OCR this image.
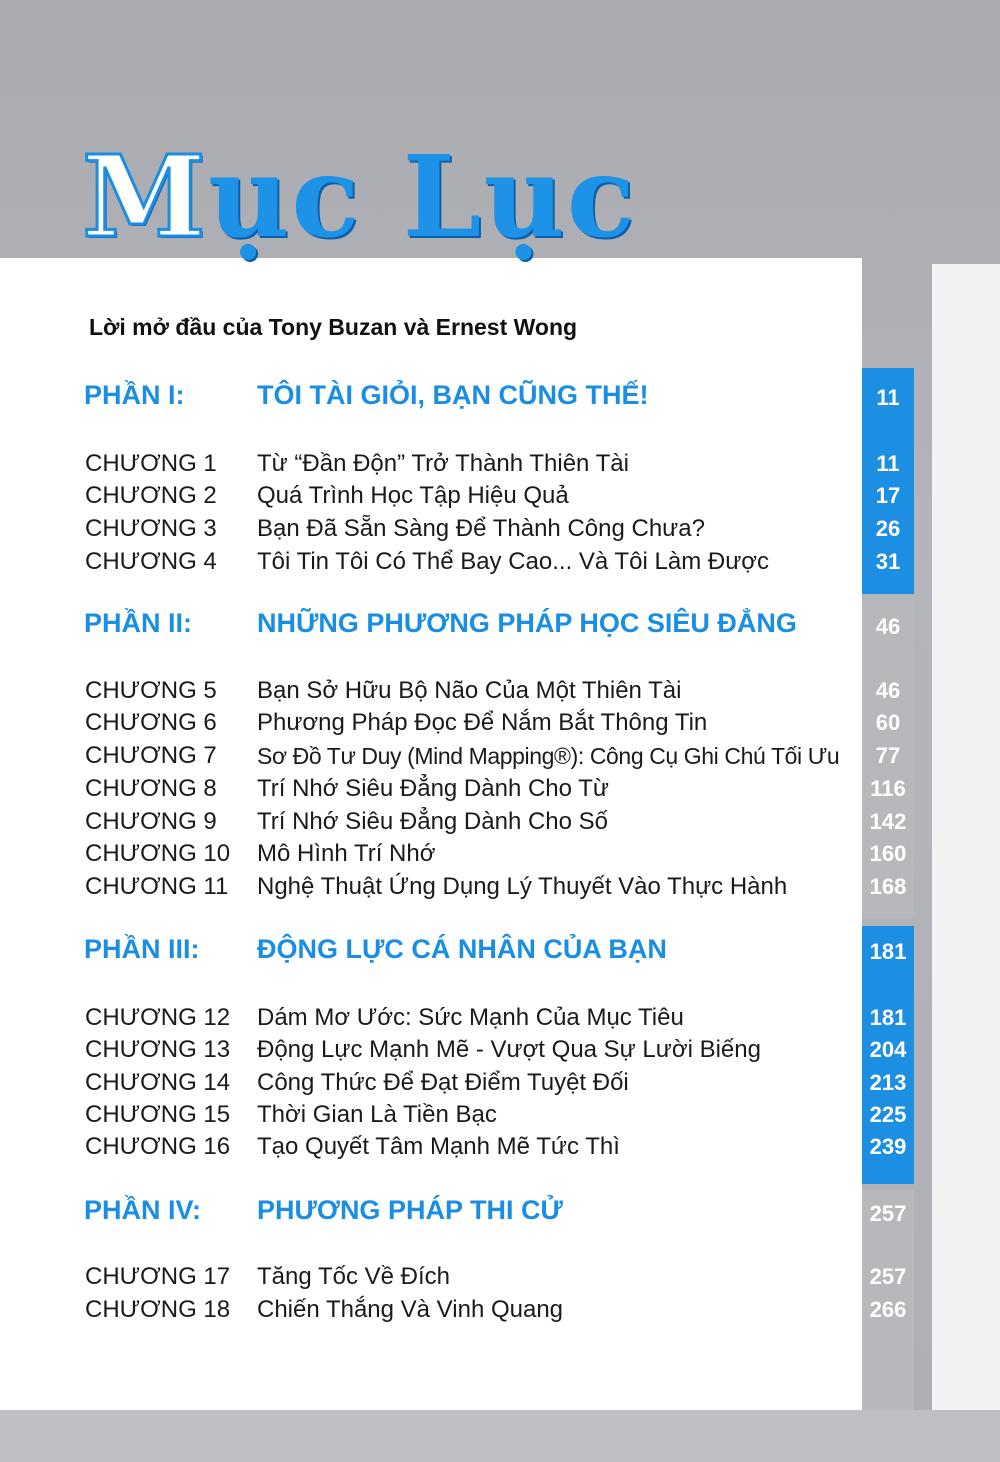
Mục Lục
Lời mở đầu của Tony Buzan và Ernest Wong
PHẦN I:	TÔI TÀI GIỎI, BẠN CŨNG THẾ!	11
CHƯƠNG 1 Từ “Đần Độn” Trở Thành Thiên Tài	11
CHƯƠNG 2 Quá Trình Học Tập Hiệu Quả	17
CHƯƠNG 3 Bạn Đã Sẵn Sàng Để Thành Công Chưa?	26
CHƯƠNG 4 Tôi Tin Tôi Có Thể Bay Cao... Và Tôi Làm Được	31
PHẦN II: NHỮNG PHƯƠNG PHÁP HỌC SIÊU ĐẲNG	46
CHƯƠNG 5 Bạn Sở Hữu Bộ Não Của Một Thiên Tài	46
CHƯƠNG 6 Phương Pháp Đọc Để Nắm Bắt Thông Tin	60
CHƯƠNG 7 Sơ Đồ Tư Duy (Mind Mapping®): Công Cụ Ghi Chú Tối Ưu	77
CHƯƠNG 8 Trí Nhớ Siêu Đẳng Dành Cho Từ	116
CHƯƠNG 9 Trí Nhớ Siêu Đẳng Dành Cho Số	142
CHƯƠNG 10 Mô Hình Trí Nhớ	160
CHƯƠNG 11 Nghệ Thuật Ứng Dụng Lý Thuyết Vào Thực Hành	168
PHẦN III: ĐỘNG LỰC CÁ NHÂN CỦA BẠN	181
CHƯƠNG 12 Dám Mơ Ước: Sức Mạnh Của Mục Tiêu	181
CHƯƠNG 13 Động Lực Mạnh Mẽ - Vượt Qua Sự Lười Biếng	204
CHƯƠNG 14 Công Thức Để Đạt Điểm Tuyệt Đối	213
CHƯƠNG 15 Thời Gian Là Tiền Bạc	225
CHƯƠNG 16 Tạo Quyết Tâm Mạnh Mẽ Tức Thì	239
PHẦN IV: PHƯƠNG PHÁP THI CỬ	257
CHƯƠNG 17 Tăng Tốc Về Đích	257
CHƯƠNG 18 Chiến Thắng Và Vinh Quang	266
